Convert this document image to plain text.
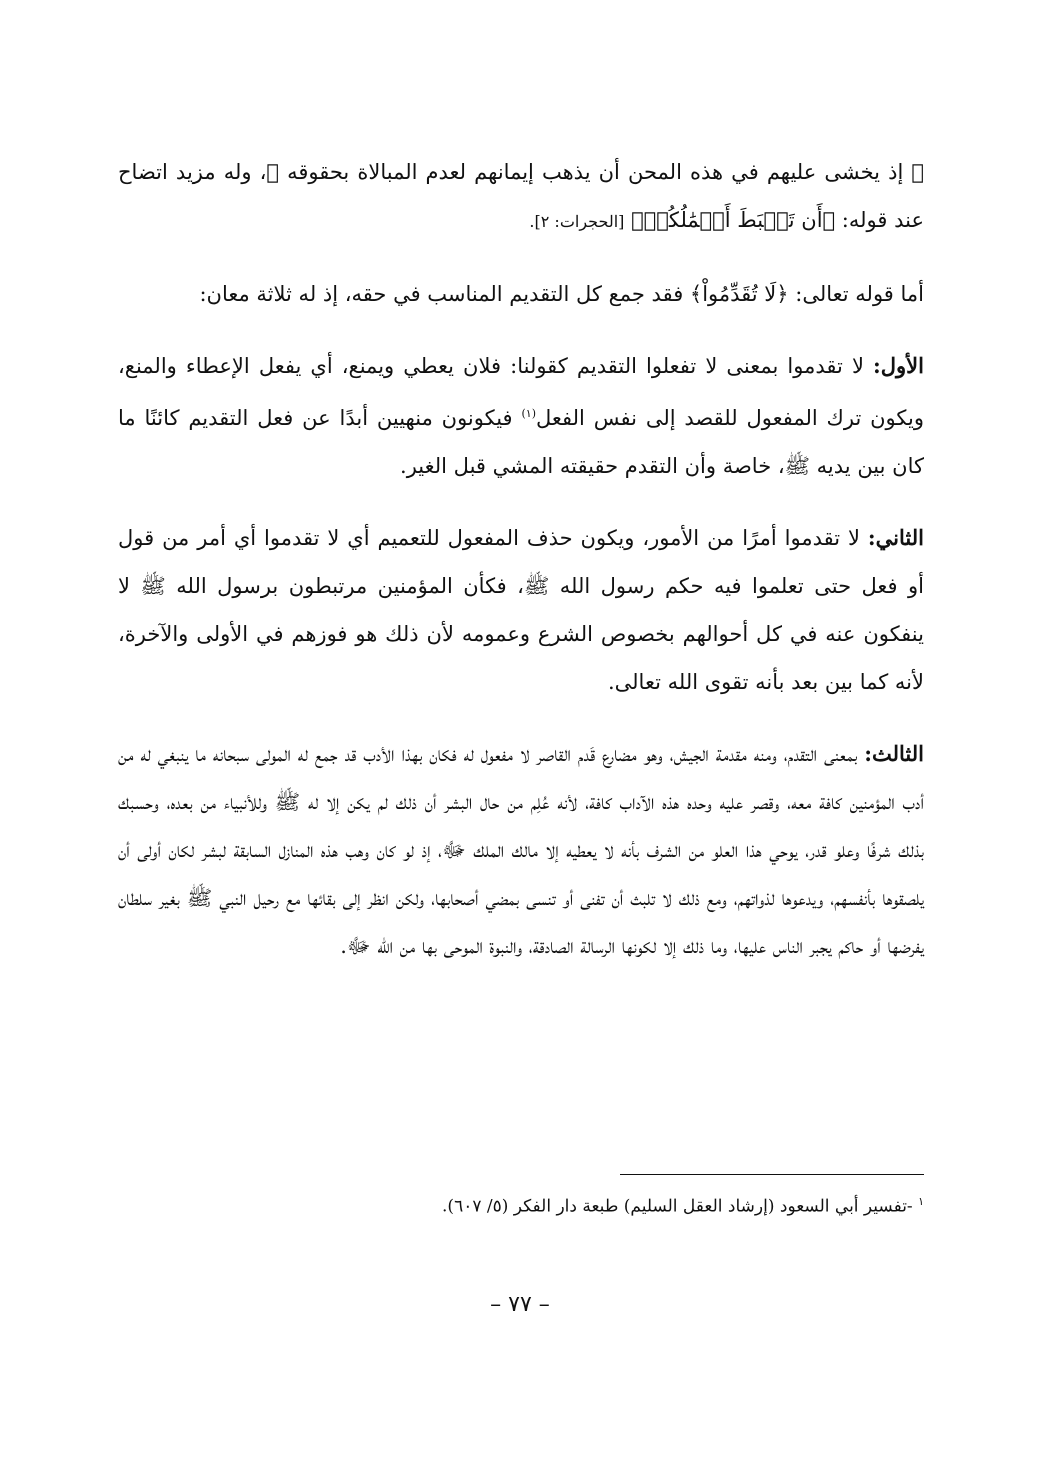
ﷺ إذ يخشى عليهم في هذه المحن أن يذهب إيمانهم لعدم المبالاة بحقوقه ﷺ، وله مزيد اتضاح عند قوله: ﴿أَن تَحۡبَطَ أَعۡمَٰلُكُمۡ﴾ [الحجرات: ٢].

أما قوله تعالى: ﴿لَا تُقَدِّمُواْ﴾ فقد جمع كل التقديم المناسب في حقه، إذ له ثلاثة معان:

الأول: لا تقدموا بمعنى لا تفعلوا التقديم كقولنا: فلان يعطي ويمنع، أي يفعل الإعطاء والمنع، ويكون ترك المفعول للقصد إلى نفس الفعل$^{(١)}$ فيكونون منهيين أبدًا عن فعل التقديم كائنًا ما كان بين يديه ﷺ، خاصة وأن التقدم حقيقته المشي قبل الغير.

الثاني: لا تقدموا أمرًا من الأمور، ويكون حذف المفعول للتعميم أي لا تقدموا أي أمر من قول أو فعل حتى تعلموا فيه حكم رسول الله ﷺ، فكأن المؤمنين مرتبطون برسول الله ﷺ لا ينفكون عنه في كل أحوالهم بخصوص الشرع وعمومه لأن ذلك هو فوزهم في الأولى والآخرة، لأنه كما بين بعد بأنه تقوى الله تعالى.

الثالث: بمعنى التقدم، ومنه مقدمة الجيش، وهو مضارع قَدم القاصر لا مفعول له فكان بهذا الأدب قد جمع له المولى سبحانه ما ينبغي له من أدب المؤمنين كافة معه، وقصر عليه وحده هذه الآداب كافة، لأنه عُلِم من حال البشر أن ذلك لم يكن إلا له ﷺ وللأنبياء من بعده، وحسبك بذلك شرفًا وعلو قدر، يوحي هذا العلو من الشرف بأنه لا يعطيه إلا مالك الملك ﷻ، إذ لو كان وهب هذه المنازل السابقة لبشر لكان أولى أن يلصقوها بأنفسهم، ويدعوها لذواتهم، ومع ذلك لا تلبث أن تفنى أو تنسى بمضي أصحابها، ولكن انظر إلى بقائها مع رحيل النبي ﷺ بغير سلطان يفرضها أو حاكم يجبر الناس عليها، وما ذلك إلا لكونها الرسالة الصادقة، والنبوة الموحى بها من الله ﷻ.

$^١$ -تفسير أبي السعود (إرشاد العقل السليم) طبعة دار الفكر (٥/ ٦٠٧).
– ٧٧ –
